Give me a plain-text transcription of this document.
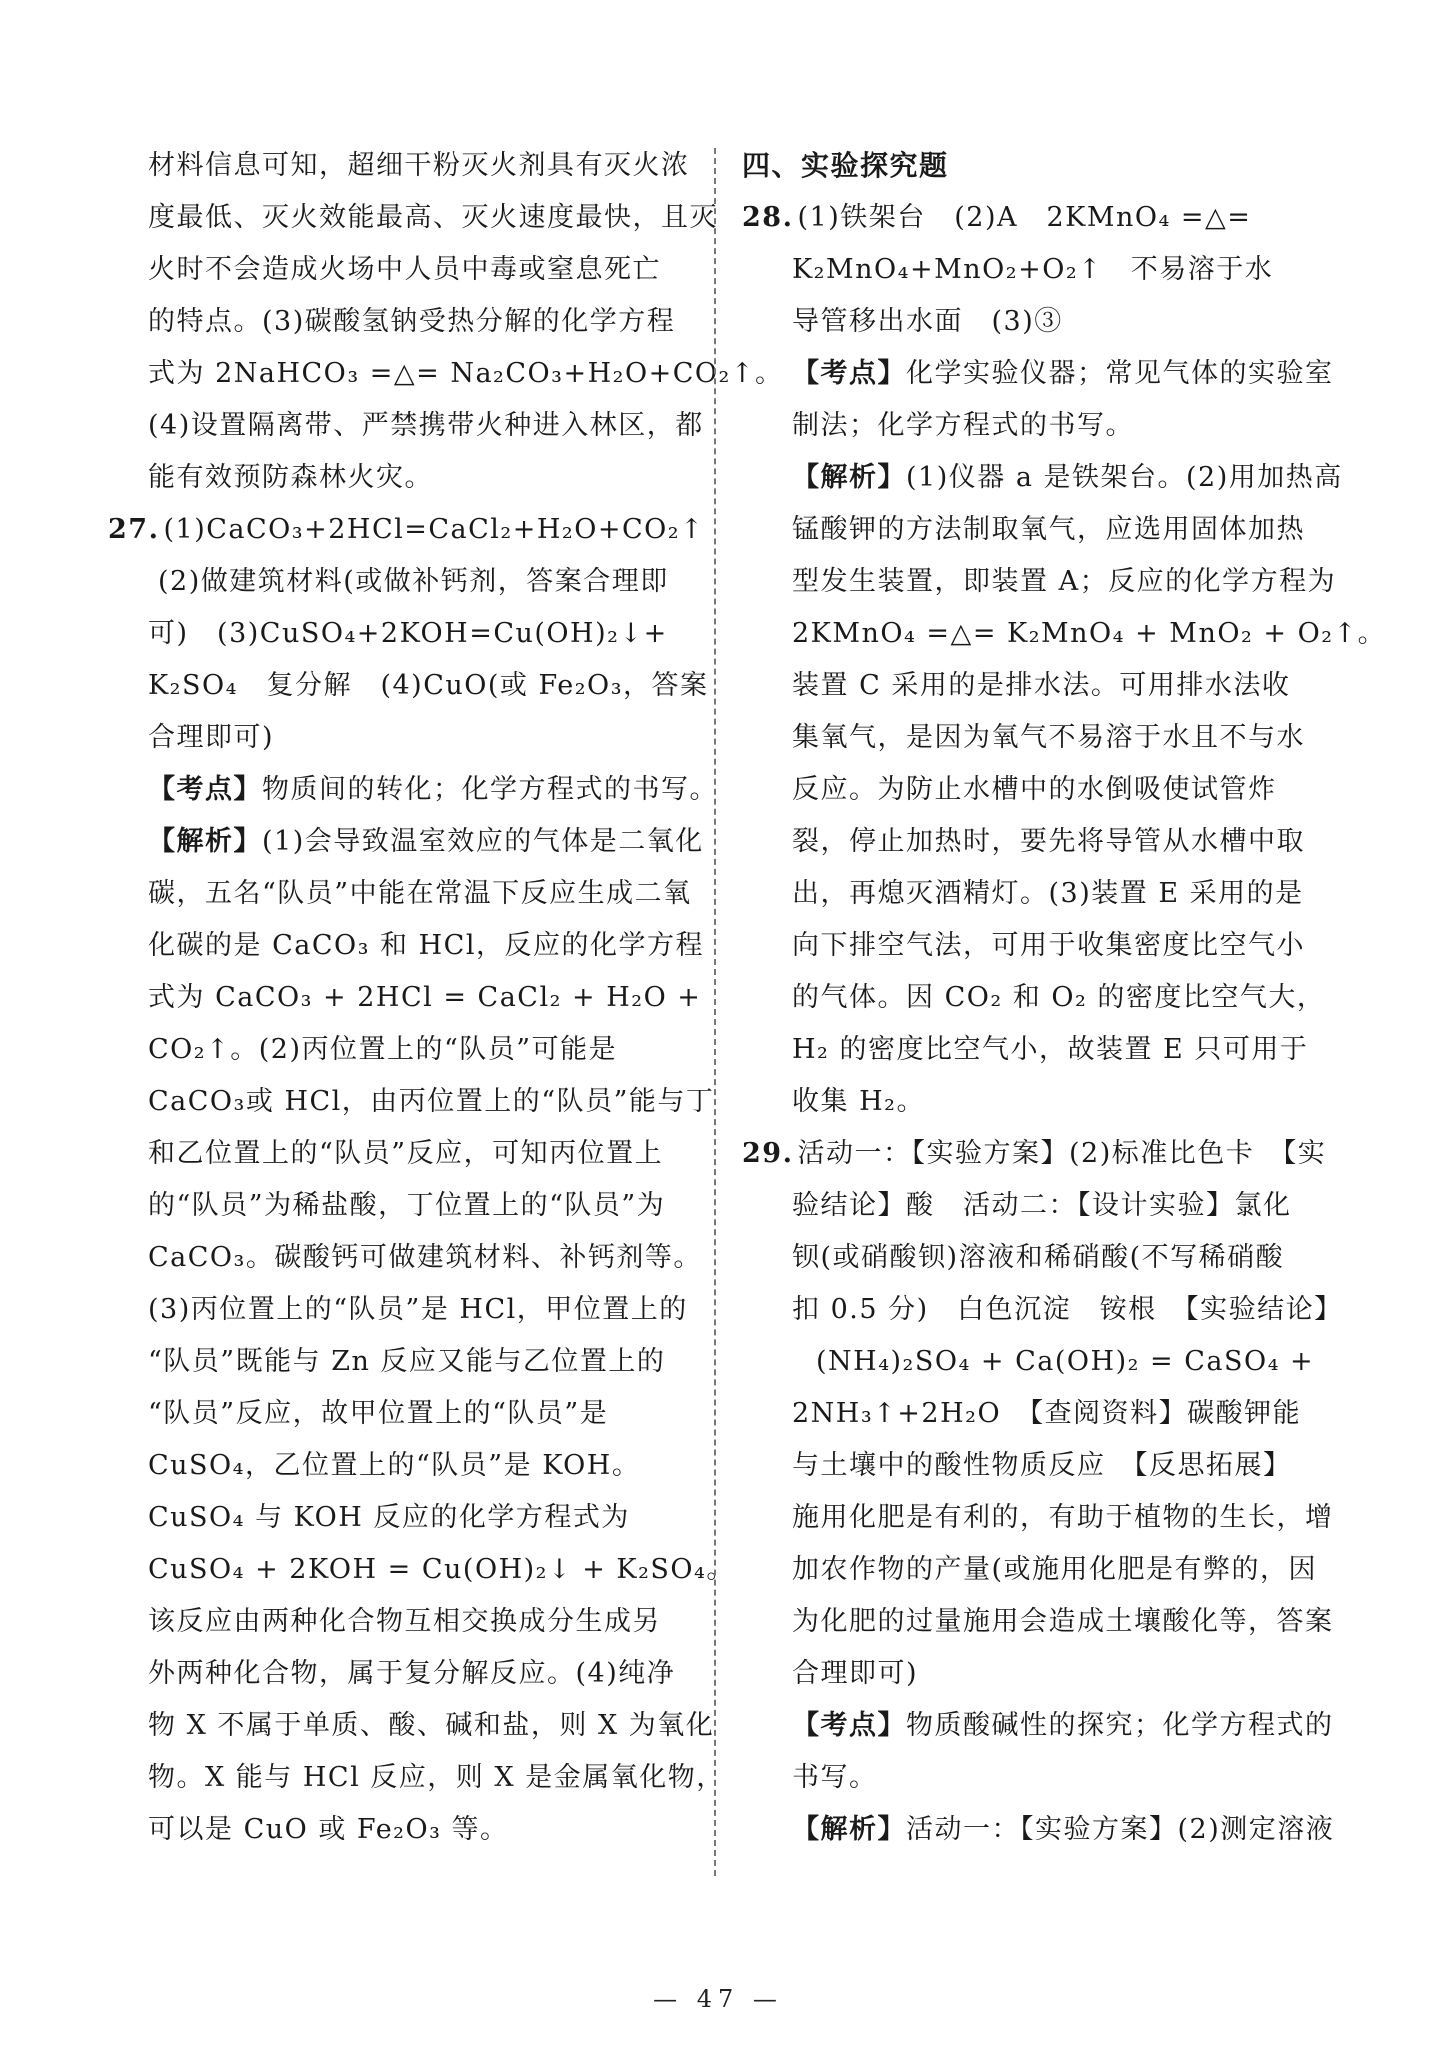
材料信息可知，超细干粉灭火剂具有灭火浓
度最低、灭火效能最高、灭火速度最快，且灭
火时不会造成火场中人员中毒或窒息死亡
的特点。(3)碳酸氢钠受热分解的化学方程
式为 2NaHCO₃ =△= Na₂CO₃+H₂O+CO₂↑。
(4)设置隔离带、严禁携带火种进入林区，都
能有效预防森林火灾。
27. (1)CaCO₃+2HCl=CaCl₂+H₂O+CO₂↑
(2)做建筑材料(或做补钙剂，答案合理即
可)　(3)CuSO₄+2KOH=Cu(OH)₂↓+
K₂SO₄　复分解　(4)CuO(或 Fe₂O₃，答案
合理即可)
【考点】物质间的转化；化学方程式的书写。
【解析】(1)会导致温室效应的气体是二氧化
碳，五名“队员”中能在常温下反应生成二氧
化碳的是 CaCO₃ 和 HCl，反应的化学方程
式为 CaCO₃ + 2HCl = CaCl₂ + H₂O +
CO₂↑。(2)丙位置上的“队员”可能是
CaCO₃或 HCl，由丙位置上的“队员”能与丁
和乙位置上的“队员”反应，可知丙位置上
的“队员”为稀盐酸，丁位置上的“队员”为
CaCO₃。碳酸钙可做建筑材料、补钙剂等。
(3)丙位置上的“队员”是 HCl，甲位置上的
“队员”既能与 Zn 反应又能与乙位置上的
“队员”反应，故甲位置上的“队员”是
CuSO₄，乙位置上的“队员”是 KOH。
CuSO₄ 与 KOH 反应的化学方程式为
CuSO₄ + 2KOH = Cu(OH)₂↓ + K₂SO₄。
该反应由两种化合物互相交换成分生成另
外两种化合物，属于复分解反应。(4)纯净
物 X 不属于单质、酸、碱和盐，则 X 为氧化
物。X 能与 HCl 反应，则 X 是金属氧化物，
可以是 CuO 或 Fe₂O₃ 等。
四、实验探究题
28. (1)铁架台　(2)A　2KMnO₄ =△=
K₂MnO₄+MnO₂+O₂↑　不易溶于水
导管移出水面　(3)③
【考点】化学实验仪器；常见气体的实验室
制法；化学方程式的书写。
【解析】(1)仪器 a 是铁架台。(2)用加热高
锰酸钾的方法制取氧气，应选用固体加热
型发生装置，即装置 A；反应的化学方程为
2KMnO₄ =△= K₂MnO₄ + MnO₂ + O₂↑。
装置 C 采用的是排水法。可用排水法收
集氧气，是因为氧气不易溶于水且不与水
反应。为防止水槽中的水倒吸使试管炸
裂，停止加热时，要先将导管从水槽中取
出，再熄灭酒精灯。(3)装置 E 采用的是
向下排空气法，可用于收集密度比空气小
的气体。因 CO₂ 和 O₂ 的密度比空气大，
H₂ 的密度比空气小，故装置 E 只可用于
收集 H₂。
29. 活动一：【实验方案】(2)标准比色卡　【实
验结论】酸　活动二：【设计实验】氯化
钡(或硝酸钡)溶液和稀硝酸(不写稀硝酸
扣 0.5 分)　白色沉淀　铵根　【实验结论】
(NH₄)₂SO₄ + Ca(OH)₂ = CaSO₄ +
2NH₃↑+2H₂O　【查阅资料】碳酸钾能
与土壤中的酸性物质反应　【反思拓展】
施用化肥是有利的，有助于植物的生长，增
加农作物的产量(或施用化肥是有弊的，因
为化肥的过量施用会造成土壤酸化等，答案
合理即可)
【考点】物质酸碱性的探究；化学方程式的
书写。
【解析】活动一：【实验方案】(2)测定溶液
— 47 —
